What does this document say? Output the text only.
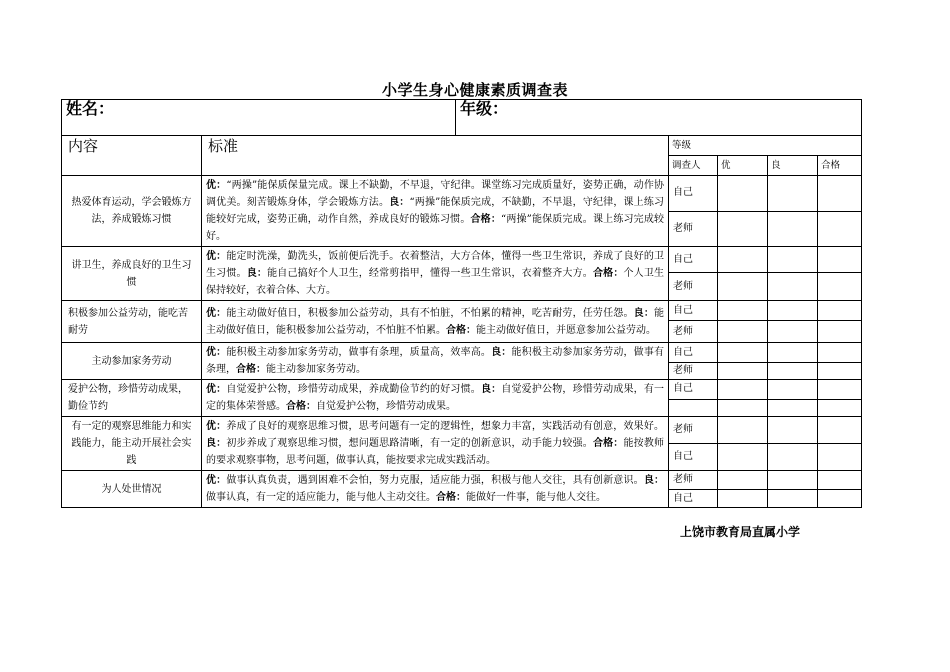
小学生身心健康素质调查表
姓名：		年级：				
内容	标准		等级			
			调查人	优	良	合格
热爱体育运动，学会锻炼方法，养成锻炼习惯	优：“两操”能保质保量完成。课上不缺勤，不早退，守纪律。课堂练习完成质量好，姿势正确，动作协调优美。刻苦锻炼身体，学会锻炼方法。良：“两操”能保质完成，不缺勤，不早退，守纪律，课上练习能较好完成，姿势正确，动作自然，养成良好的锻炼习惯。合格：“两操”能保质完成。课上练习完成较好。		自己			
			老师			
讲卫生，养成良好的卫生习惯	优：能定时洗澡，勤洗头，饭前便后洗手。衣着整洁，大方合体，懂得一些卫生常识，养成了良好的卫生习惯。良：能自己搞好个人卫生，经常剪指甲，懂得一些卫生常识，衣着整齐大方。合格：个人卫生保持较好，衣着合体、大方。		自己			
			老师			
积极参加公益劳动，能吃苦耐劳	优：能主动做好值日，积极参加公益劳动，具有不怕脏，不怕累的精神，吃苦耐劳，任劳任怨。良：能主动做好值日，能积极参加公益劳动，不怕脏不怕累。合格：能主动做好值日，并愿意参加公益劳动。		自己			
			老师			
主动参加家务劳动	优：能积极主动参加家务劳动，做事有条理，质量高，效率高。良：能积极主动参加家务劳动，做事有条理，合格：能主动参加家务劳动。		自己			
			老师			
爱护公物，珍惜劳动成果，勤俭节约	优：自觉爱护公物，珍惜劳动成果，养成勤俭节约的好习惯。良：自觉爱护公物，珍惜劳动成果，有一定的集体荣誉感。合格：自觉爱护公物，珍惜劳动成果。		自己			

有一定的观察思维能力和实践能力，能主动开展社会实践	优：养成了良好的观察思维习惯，思考问题有一定的逻辑性，想象力丰富，实践活动有创意，效果好。良：初步养成了观察思维习惯，想问题思路清晰，有一定的创新意识，动手能力较强。合格：能按教师的要求观察事物，思考问题，做事认真，能按要求完成实践活动。		老师			
			自己			
为人处世情况	优：做事认真负责，遇到困难不会怕，努力克服，适应能力强，积极与他人交往，具有创新意识。良：做事认真，有一定的适应能力，能与他人主动交往。合格：能做好一件事，能与他人交往。		老师			
			自己			
上饶市教育局直属小学
